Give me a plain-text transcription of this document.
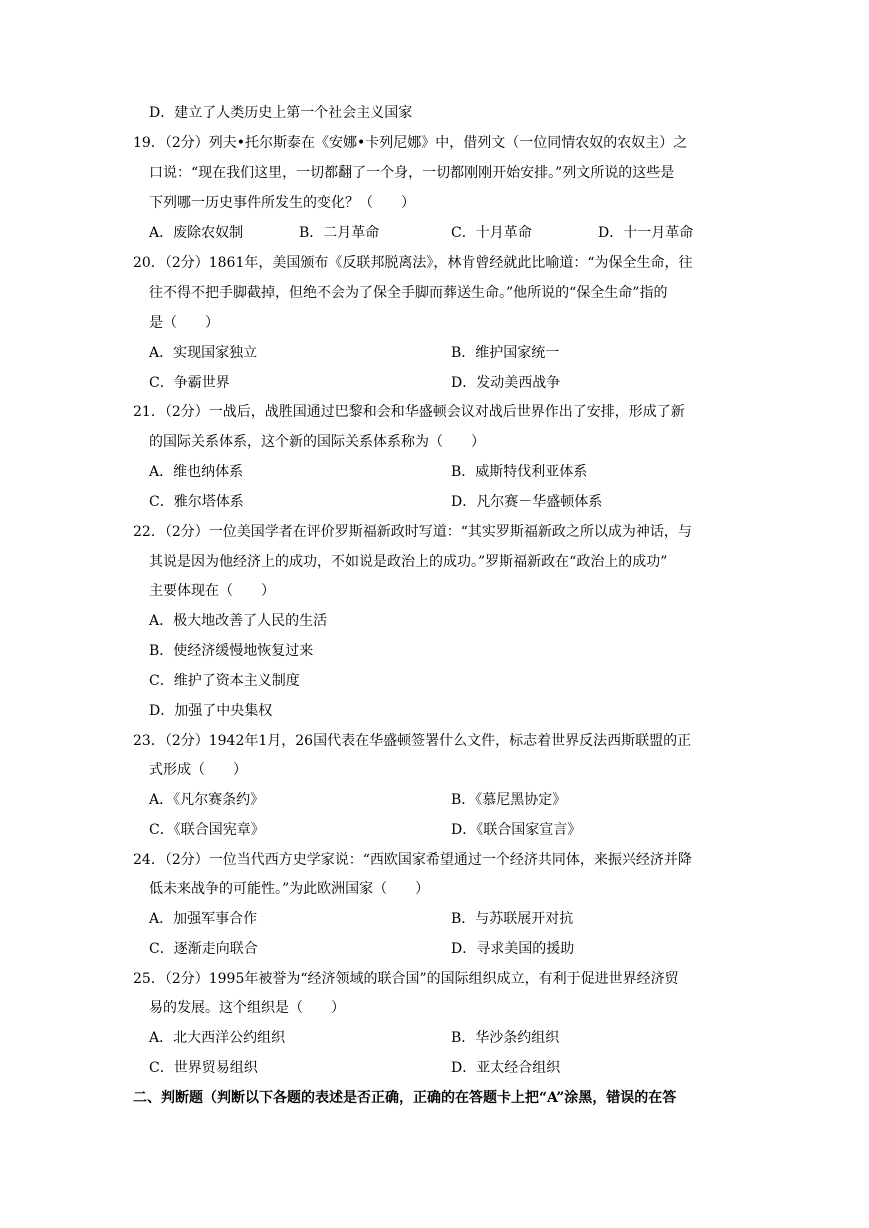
D．建立了人类历史上第一个社会主义国家
19．（2分）列夫•托尔斯泰在《安娜•卡列尼娜》中，借列文（一位同情农奴的农奴主）之
口说：“现在我们这里，一切都翻了一个身，一切都刚刚开始安排。”列文所说的这些是
下列哪一历史事件所发生的变化？（　　）
A．废除农奴制	B．二月革命	C．十月革命	D．十一月革命
20．（2分）1861年，美国颁布《反联邦脱离法》，林肯曾经就此比喻道：“为保全生命，往
往不得不把手脚截掉，但绝不会为了保全手脚而葬送生命。”他所说的“保全生命”指的
是（　　）
A．实现国家独立	B．维护国家统一
C．争霸世界	D．发动美西战争
21．（2分）一战后，战胜国通过巴黎和会和华盛顿会议对战后世界作出了安排，形成了新
的国际关系体系，这个新的国际关系体系称为（　　）
A．维也纳体系	B．威斯特伐利亚体系
C．雅尔塔体系	D．凡尔赛－华盛顿体系
22．（2分）一位美国学者在评价罗斯福新政时写道：“其实罗斯福新政之所以成为神话，与
其说是因为他经济上的成功，不如说是政治上的成功。”罗斯福新政在“政治上的成功”
主要体现在（　　）
A．极大地改善了人民的生活
B．使经济缓慢地恢复过来
C．维护了资本主义制度
D．加强了中央集权
23．（2分）1942年1月，26国代表在华盛顿签署什么文件，标志着世界反法西斯联盟的正
式形成（　　）
A．《凡尔赛条约》	B．《慕尼黑协定》
C．《联合国宪章》	D．《联合国家宣言》
24．（2分）一位当代西方史学家说：“西欧国家希望通过一个经济共同体，来振兴经济并降
低未来战争的可能性。”为此欧洲国家（　　）
A．加强军事合作	B．与苏联展开对抗
C．逐渐走向联合	D．寻求美国的援助
25．（2分）1995年被誉为“经济领域的联合国”的国际组织成立，有利于促进世界经济贸
易的发展。这个组织是（　　）
A．北大西洋公约组织	B．华沙条约组织
C．世界贸易组织	D．亚太经合组织
二、判断题（判断以下各题的表述是否正确，正确的在答题卡上把“A”涂黑，错误的在答
